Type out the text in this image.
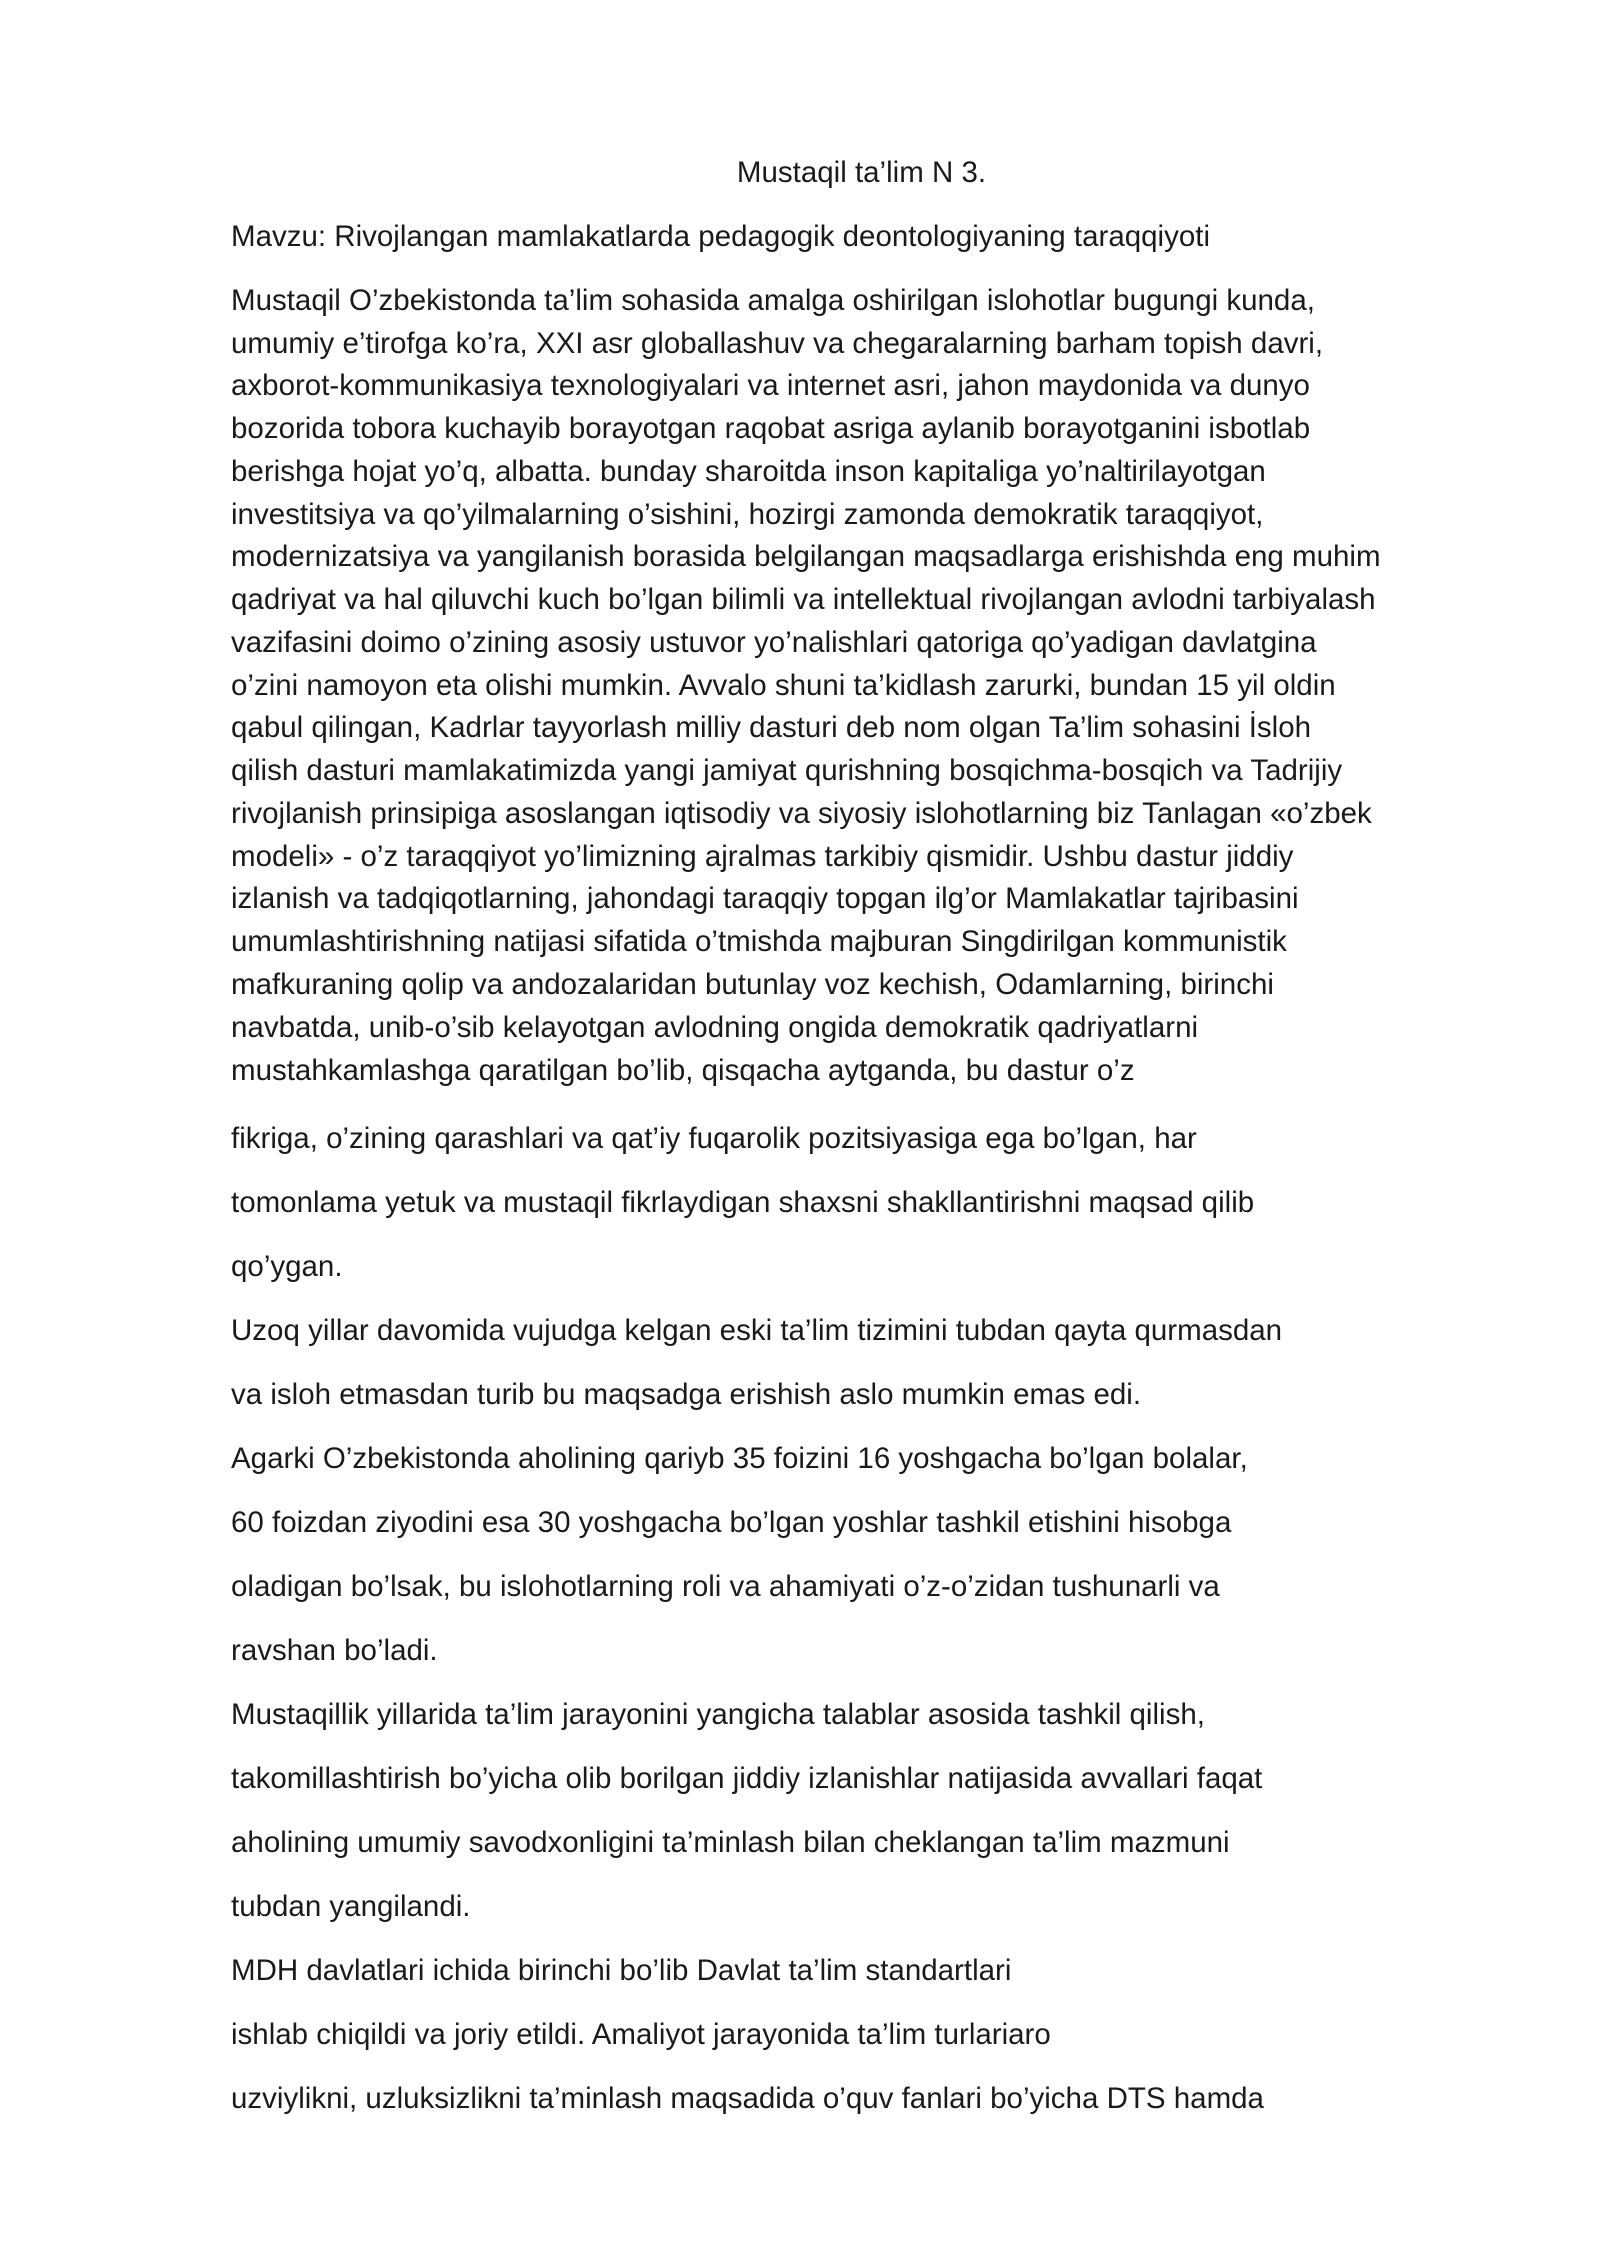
Mustaqil ta’lim N 3.
Mavzu: Rivojlangan mamlakatlarda pedagogik deontologiyaning taraqqiyoti
Mustaqil O’zbekistonda ta’lim sohasida amalga oshirilgan islohotlar bugungi kunda,
umumiy e’tirofga ko’ra, XXI asr globallashuv va chegaralarning barham topish davri,
axborot-kommunikasiya texnologiyalari va internet asri, jahon maydonida va dunyo
bozorida tobora kuchayib borayotgan raqobat asriga aylanib borayotganini isbotlab
berishga hojat yo’q, albatta. bunday sharoitda inson kapitaliga yo’naltirilayotgan
investitsiya va qo’yilmalarning o’sishini, hozirgi zamonda demokratik taraqqiyot,
modernizatsiya va yangilanish borasida belgilangan maqsadlarga erishishda eng muhim
qadriyat va hal qiluvchi kuch bo’lgan bilimli va intellektual rivojlangan avlodni tarbiyalash
vazifasini doimo o’zining asosiy ustuvor yo’nalishlari qatoriga qo’yadigan davlatgina
o’zini namoyon eta olishi mumkin. Avvalo shuni ta’kidlash zarurki, bundan 15 yil oldin
qabul qilingan, Kadrlar tayyorlash milliy dasturi deb nom olgan Ta’lim sohasini İsloh
qilish dasturi mamlakatimizda yangi jamiyat qurishning bosqichma-bosqich va Tadrijiy
rivojlanish prinsipiga asoslangan iqtisodiy va siyosiy islohotlarning biz Tanlagan «o’zbek
modeli» - o’z taraqqiyot yo’limizning ajralmas tarkibiy qismidir. Ushbu dastur jiddiy
izlanish va tadqiqotlarning, jahondagi taraqqiy topgan ilg’or Mamlakatlar tajribasini
umumlashtirishning natijasi sifatida o’tmishda majburan Singdirilgan kommunistik
mafkuraning qolip va andozalaridan butunlay voz kechish, Odamlarning, birinchi
navbatda, unib-o’sib kelayotgan avlodning ongida demokratik qadriyatlarni
mustahkamlashga qaratilgan bo’lib, qisqacha aytganda, bu dastur o’z
fikriga, o’zining qarashlari va qat’iy fuqarolik pozitsiyasiga ega bo’lgan, har
tomonlama yetuk va mustaqil fikrlaydigan shaxsni shakllantirishni maqsad qilib
qo’ygan.
Uzoq yillar davomida vujudga kelgan eski ta’lim tizimini tubdan qayta qurmasdan
va isloh etmasdan turib bu maqsadga erishish aslo mumkin emas edi.
Agarki O’zbekistonda aholining qariyb 35 foizini 16 yoshgacha bo’lgan bolalar,
60 foizdan ziyodini esa 30 yoshgacha bo’lgan yoshlar tashkil etishini hisobga
oladigan bo’lsak, bu islohotlarning roli va ahamiyati o’z-o’zidan tushunarli va
ravshan bo’ladi.
Mustaqillik yillarida ta’lim jarayonini yangicha talablar asosida tashkil qilish,
takomillashtirish bo’yicha olib borilgan jiddiy izlanishlar natijasida avvallari faqat
aholining umumiy savodxonligini ta’minlash bilan cheklangan ta’lim mazmuni
tubdan yangilandi.
MDH davlatlari ichida birinchi bo’lib Davlat ta’lim standartlari
ishlab chiqildi va joriy etildi. Amaliyot jarayonida ta’lim turlariaro
uzviylikni, uzluksizlikni ta’minlash maqsadida o’quv fanlari bo’yicha DTS hamda
